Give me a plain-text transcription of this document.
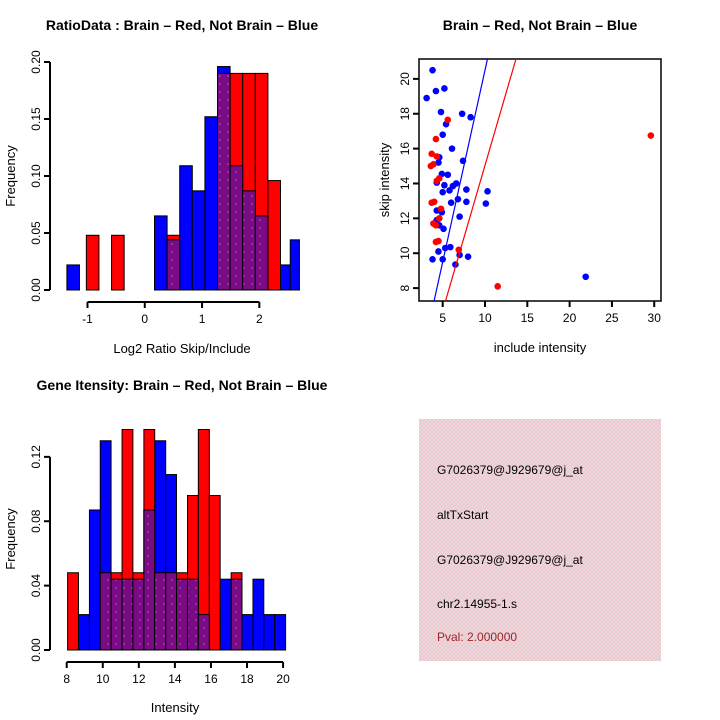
RatioData : Brain – Red, Not Brain – Blue
Log2 Ratio Skip/Include
Frequency
-1	0	1	2
0.00
0.05
0.10
0.15
0.20
Brain – Red, Not Brain – Blue
include intensity
skip intensity
5	10 15 20 25 30
8
10
12
14
16
18
20
Gene Itensity: Brain – Red, Not Brain – Blue
Intensity
Frequency
8 10 12 14 16 18 20
0.00
0.04
0.08
0.12
G7026379@J929679@j_at
altTxStart
G7026379@J929679@j_at
chr2.14955-1.s
Pval: 2.000000
